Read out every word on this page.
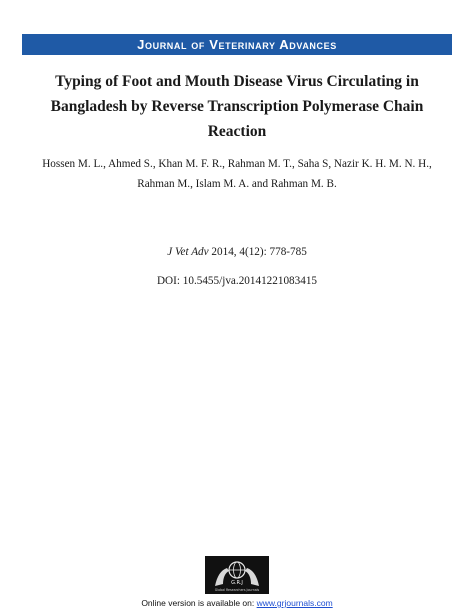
Journal of Veterinary Advances
Typing of Foot and Mouth Disease Virus Circulating in
Bangladesh by Reverse Transcription Polymerase Chain
Reaction
Hossen M. L., Ahmed S., Khan M. F. R., Rahman M. T., Saha S, Nazir K. H. M. N. H.,
Rahman M., Islam M. A. and Rahman M. B.
J Vet Adv 2014, 4(12): 778-785
DOI: 10.5455/jva.20141221083415
G.R.J
Global Researchers Journals
Online version is available on: www.grjournals.com
